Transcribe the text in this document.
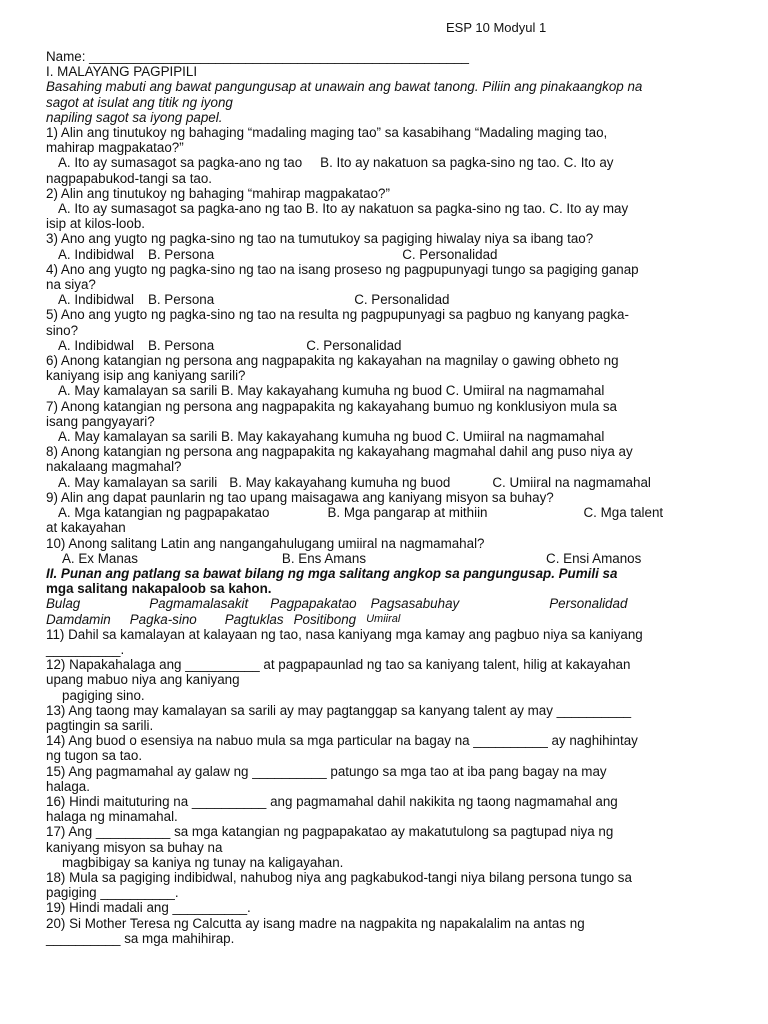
ESP 10 Modyul 1
Name: ___________________________________________________
I. MALAYANG PAGPIPILI
Basahing mabuti ang bawat pangungusap at unawain ang bawat tanong. Piliin ang pinakaangkop na
sagot at isulat ang titik ng iyong
napiling sagot sa iyong papel.
1) Alin ang tinutukoy ng bahaging “madaling maging tao” sa kasabihang “Madaling maging tao,
mahirap magpakatao?”
A. Ito ay sumasagot sa pagka-ano ng tao B. Ito ay nakatuon sa pagka-sino ng tao. C. Ito ay
nagpapabukod-tangi sa tao.
2) Alin ang tinutukoy ng bahaging “mahirap magpakatao?”
A. Ito ay sumasagot sa pagka-ano ng tao B. Ito ay nakatuon sa pagka-sino ng tao. C. Ito ay may
isip at kilos-loob.
3) Ano ang yugto ng pagka-sino ng tao na tumutukoy sa pagiging hiwalay niya sa ibang tao?
A. Indibidwal B. Persona	C. Personalidad
4) Ano ang yugto ng pagka-sino ng tao na isang proseso ng pagpupunyagi tungo sa pagiging ganap
na siya?
A. Indibidwal B. Persona	C. Personalidad
5) Ano ang yugto ng pagka-sino ng tao na resulta ng pagpupunyagi sa pagbuo ng kanyang pagka-
sino?
A. Indibidwal B. Persona	C. Personalidad
6) Anong katangian ng persona ang nagpapakita ng kakayahan na magnilay o gawing obheto ng
kaniyang isip ang kaniyang sarili?
A. May kamalayan sa sarili B. May kakayahang kumuha ng buod C. Umiiral na nagmamahal
7) Anong katangian ng persona ang nagpapakita ng kakayahang bumuo ng konklusiyon mula sa
isang pangyayari?
A. May kamalayan sa sarili B. May kakayahang kumuha ng buod C. Umiiral na nagmamahal
8) Anong katangian ng persona ang nagpapakita ng kakayahang magmahal dahil ang puso niya ay
nakalaang magmahal?
A. May kamalayan sa sarili B. May kakayahang kumuha ng buod	C. Umiiral na nagmamahal
9) Alin ang dapat paunlarin ng tao upang maisagawa ang kaniyang misyon sa buhay?
A. Mga katangian ng pagpapakatao	B. Mga pangarap at mithiin	C. Mga talent
at kakayahan
10) Anong salitang Latin ang nangangahulugang umiiral na nagmamahal?
A. Ex Manas	B. Ens Amans	C. Ensi Amanos
II. Punan ang patlang sa bawat bilang ng mga salitang angkop sa pangungusap. Pumili sa
mga salitang nakapaloob sa kahon.
Bulag	Pagmamalasakit Pagpapakatao Pagsasabuhay	Personalidad
Damdamin Pagka-sino Pagtuklas Positibong Umiiral
11) Dahil sa kamalayan at kalayaan ng tao, nasa kaniyang mga kamay ang pagbuo niya sa kaniyang
__________.
12) Napakahalaga ang __________ at pagpapaunlad ng tao sa kaniyang talent, hilig at kakayahan
upang mabuo niya ang kaniyang
pagiging sino.
13) Ang taong may kamalayan sa sarili ay may pagtanggap sa kanyang talent ay may __________
pagtingin sa sarili.
14) Ang buod o esensiya na nabuo mula sa mga particular na bagay na __________ ay naghihintay
ng tugon sa tao.
15) Ang pagmamahal ay galaw ng __________ patungo sa mga tao at iba pang bagay na may
halaga.
16) Hindi maituturing na __________ ang pagmamahal dahil nakikita ng taong nagmamahal ang
halaga ng minamahal.
17) Ang __________ sa mga katangian ng pagpapakatao ay makatutulong sa pagtupad niya ng
kaniyang misyon sa buhay na
magbibigay sa kaniya ng tunay na kaligayahan.
18) Mula sa pagiging indibidwal, nahubog niya ang pagkabukod-tangi niya bilang persona tungo sa
pagiging __________.
19) Hindi madali ang __________.
20) Si Mother Teresa ng Calcutta ay isang madre na nagpakita ng napakalalim na antas ng
__________ sa mga mahihirap.
